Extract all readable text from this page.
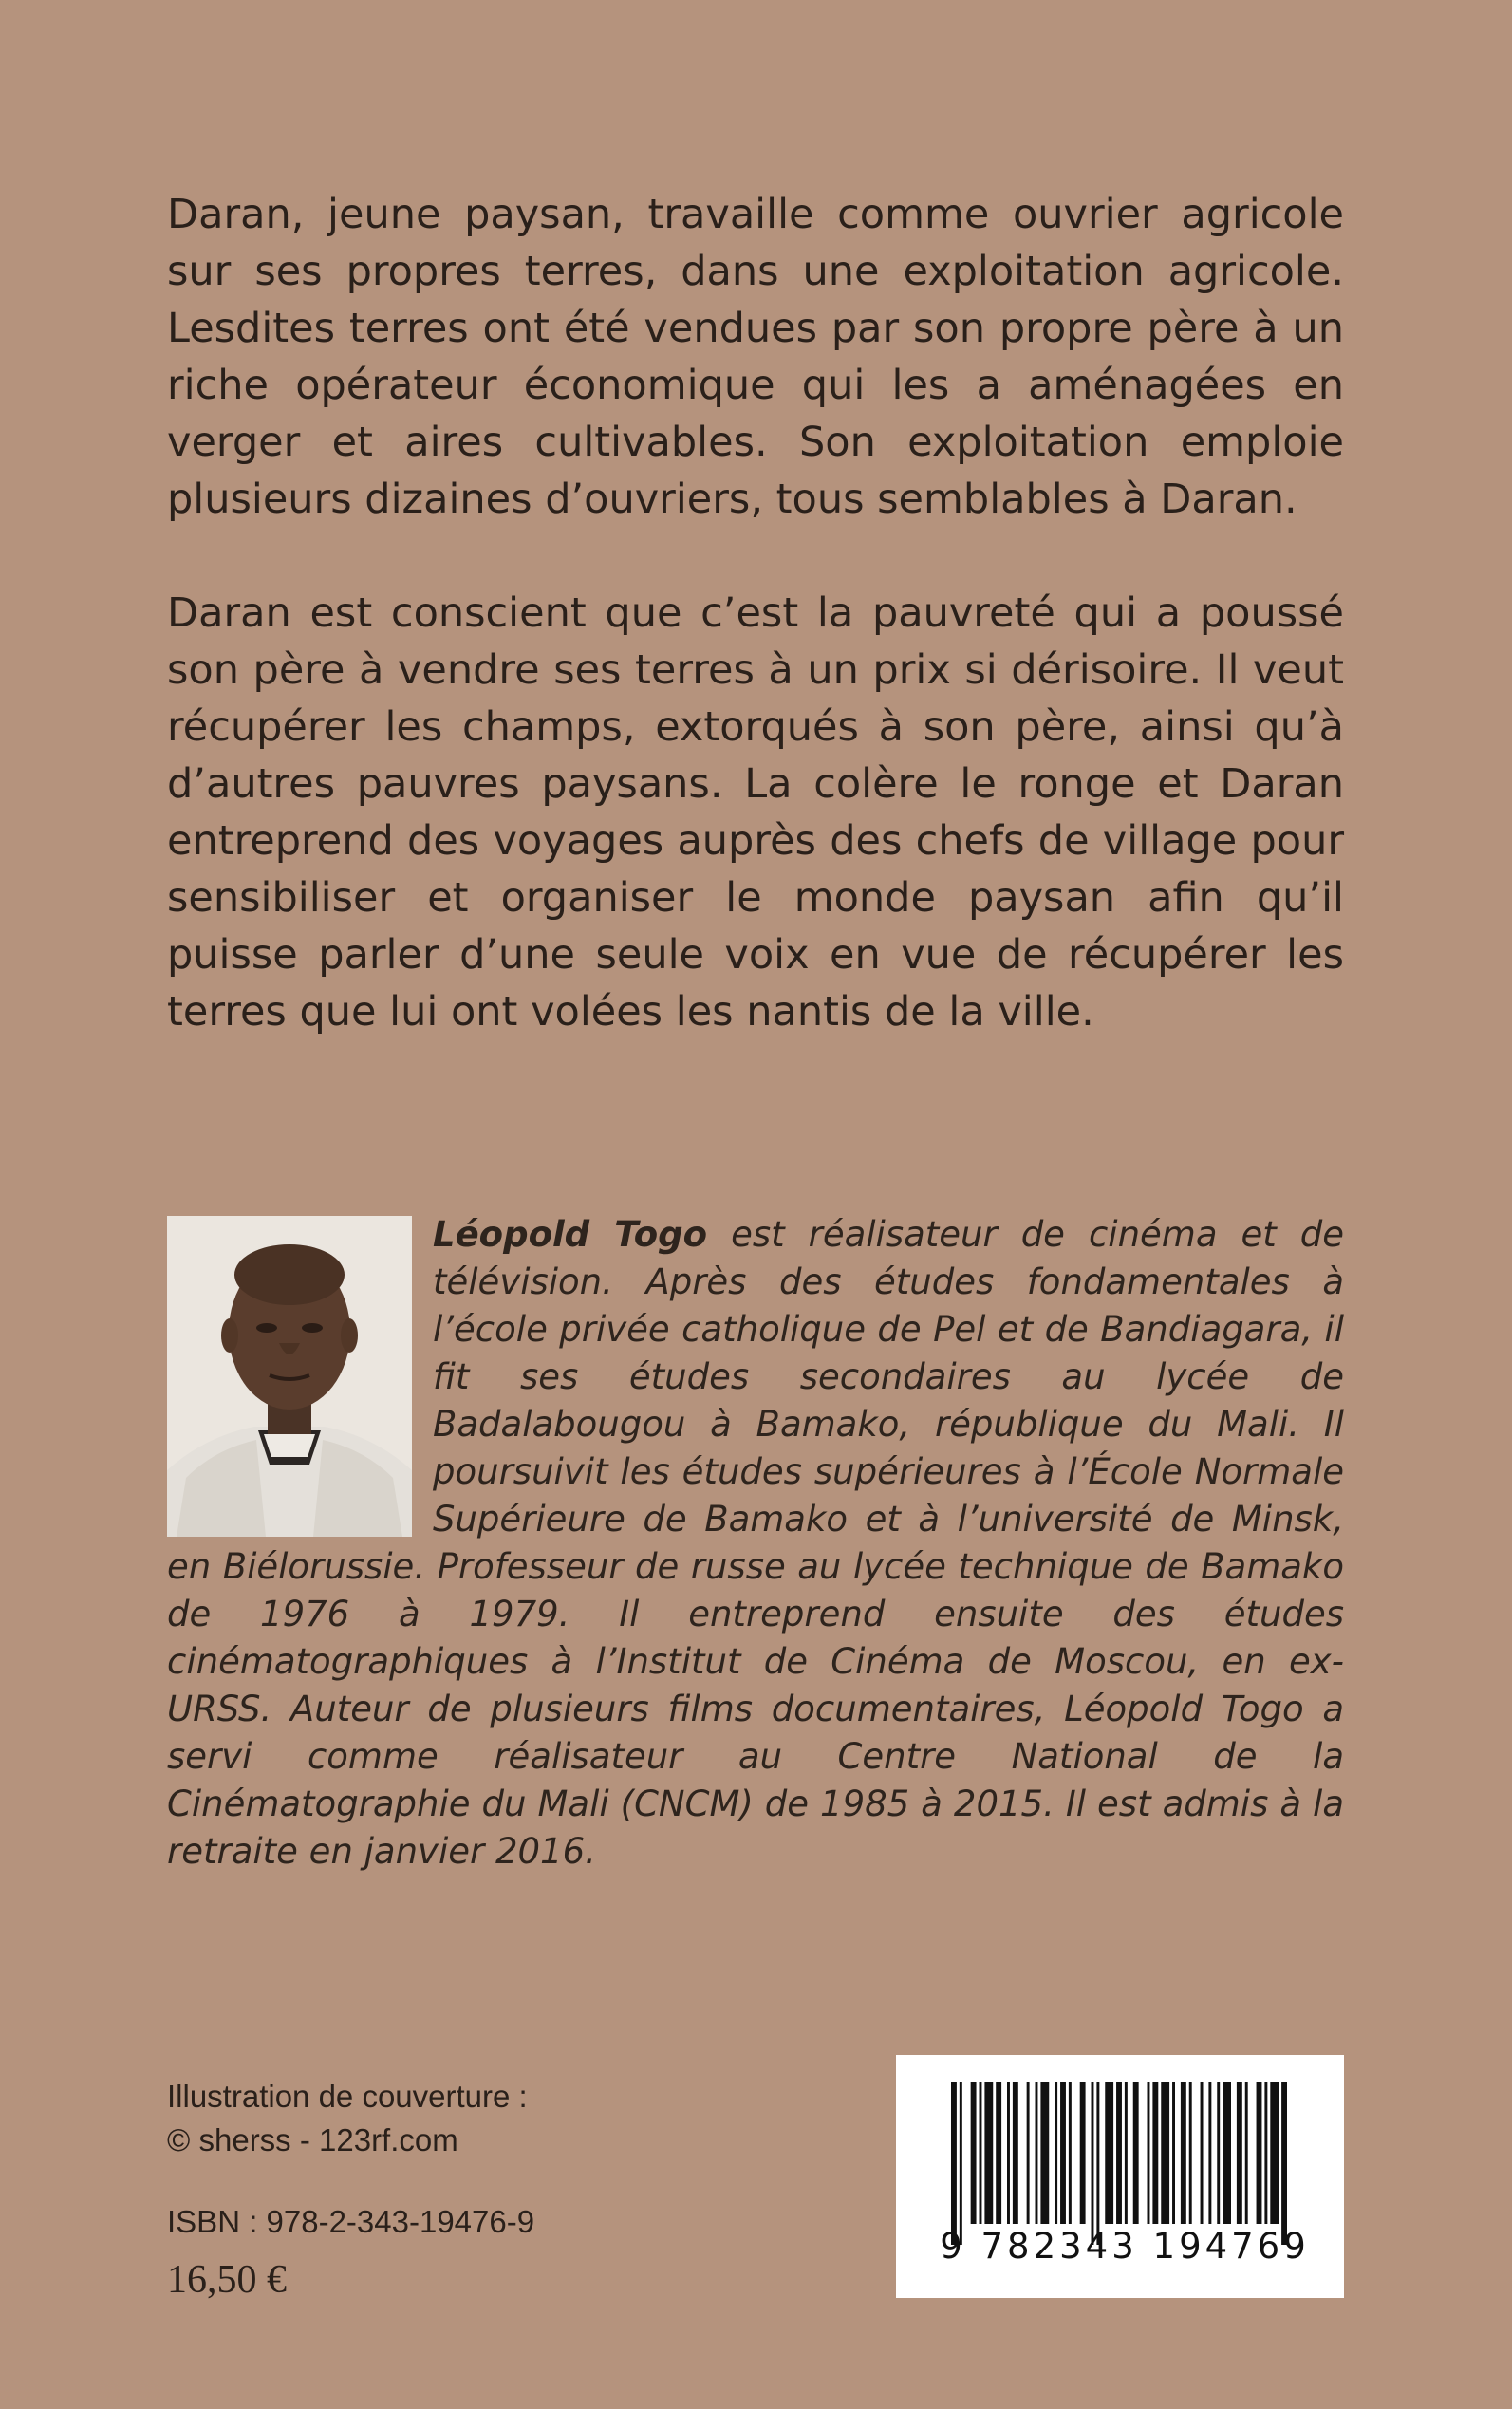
Daran, jeune paysan, travaille comme ouvrier agricole sur ses propres terres, dans une exploitation agricole. Lesdites terres ont été vendues par son propre père à un riche opérateur économique qui les a aménagées en verger et aires cultivables. Son exploitation emploie plusieurs dizaines d’ouvriers, tous semblables à Daran.

Daran est conscient que c’est la pauvreté qui a poussé son père à vendre ses terres à un prix si dérisoire. Il veut récupérer les champs, extorqués à son père, ainsi qu’à d’autres pauvres paysans. La colère le ronge et Daran entreprend des voyages auprès des chefs de village pour sensibiliser et organiser le monde paysan afin qu’il puisse parler d’une seule voix en vue de récupérer les terres que lui ont volées les nantis de la ville.

Léopold Togo est réalisateur de cinéma et de télévision. Après des études fondamentales à l’école privée catholique de Pel et de Bandiagara, il fit ses études secondaires au lycée de Badalabougou à Bamako, république du Mali. Il poursuivit les études supérieures à l’École Normale Supérieure de Bamako et à l’université de Minsk, en Biélorussie. Professeur de russe au lycée technique de Bamako de 1976 à 1979. Il entreprend ensuite des études cinématographiques à l’Institut de Cinéma de Moscou, en ex-URSS. Auteur de plusieurs films documentaires, Léopold Togo a servi comme réalisateur au Centre National de la Cinématographie du Mali (CNCM) de 1985 à 2015. Il est admis à la retraite en janvier 2016.

Illustration de couverture :
© sherss - 123rf.com
ISBN : 978-2-343-19476-9
16,50 €
9 782343 194769
